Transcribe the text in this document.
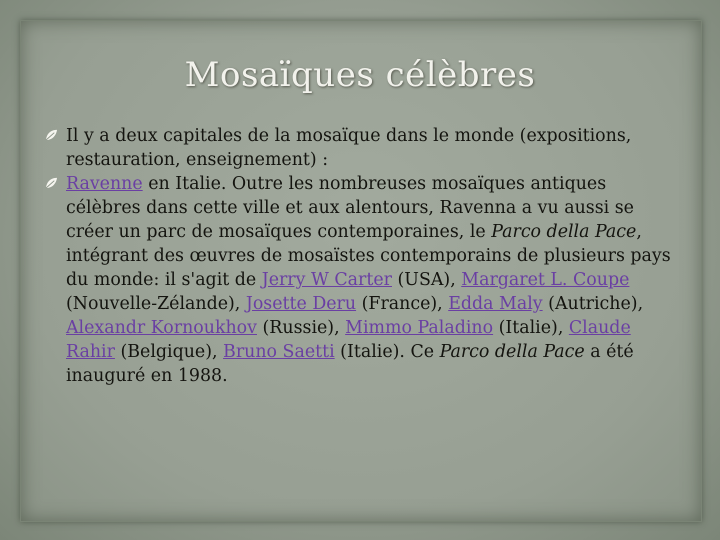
Mosaïques célèbres
Il y a deux capitales de la mosaïque dans le monde (expositions, restauration, enseignement) :
Ravenne en Italie. Outre les nombreuses mosaïques antiques célèbres dans cette ville et aux alentours, Ravenna a vu aussi se créer un parc de mosaïques contemporaines, le Parco della Pace, intégrant des œuvres de mosaïstes contemporains de plusieurs pays du monde: il s'agit de Jerry W Carter (USA), Margaret L. Coupe (Nouvelle-Zélande), Josette Deru (France), Edda Maly (Autriche), Alexandr Kornoukhov (Russie), Mimmo Paladino (Italie), Claude Rahir (Belgique), Bruno Saetti (Italie). Ce Parco della Pace a été inauguré en 1988.
